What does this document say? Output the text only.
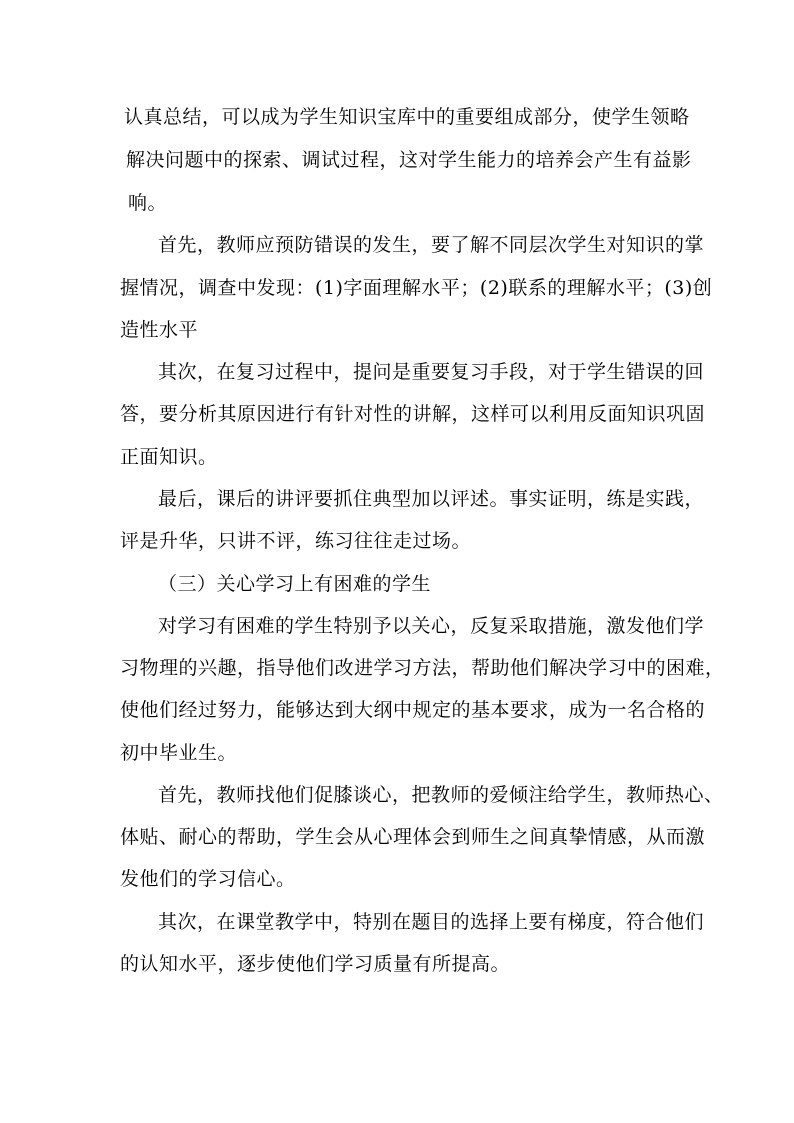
认真总结，可以成为学生知识宝库中的重要组成部分，使学生领略
解决问题中的探索、调试过程，这对学生能力的培养会产生有益影
响。
首先，教师应预防错误的发生，要了解不同层次学生对知识的掌
握情况，调查中发现：(1)字面理解水平；(2)联系的理解水平；(3)创
造性水平
其次，在复习过程中，提问是重要复习手段，对于学生错误的回
答，要分析其原因进行有针对性的讲解，这样可以利用反面知识巩固
正面知识。
最后，课后的讲评要抓住典型加以评述。事实证明，练是实践，
评是升华，只讲不评，练习往往走过场。
（三）关心学习上有困难的学生
对学习有困难的学生特别予以关心，反复采取措施，激发他们学
习物理的兴趣，指导他们改进学习方法，帮助他们解决学习中的困难，
使他们经过努力，能够达到大纲中规定的基本要求，成为一名合格的
初中毕业生。
首先，教师找他们促膝谈心，把教师的爱倾注给学生，教师热心、
体贴、耐心的帮助，学生会从心理体会到师生之间真挚情感，从而激
发他们的学习信心。
其次，在课堂教学中，特别在题目的选择上要有梯度，符合他们
的认知水平，逐步使他们学习质量有所提高。
